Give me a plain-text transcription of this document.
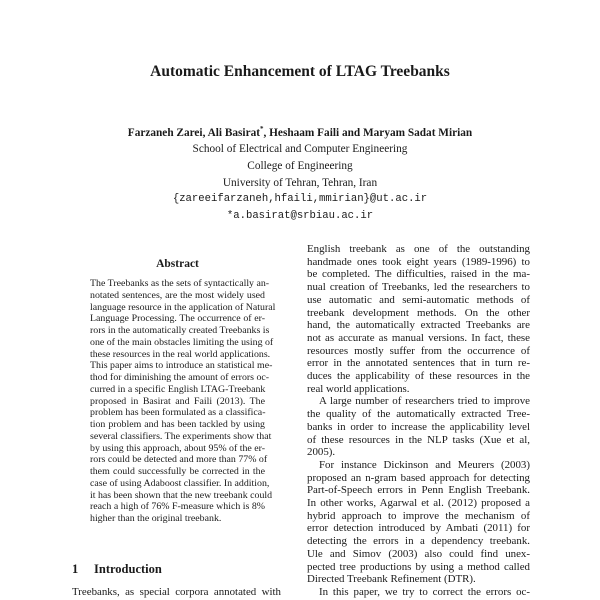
Automatic Enhancement of LTAG Treebanks
Farzaneh Zarei, Ali Basirat*, Heshaam Faili and Maryam Sadat Mirian
School of Electrical and Computer Engineering
College of Engineering
University of Tehran, Tehran, Iran
{zareeifarzaneh,hfaili,mmirian}@ut.ac.ir
*a.basirat@srbiau.ac.ir
Abstract
The Treebanks as the sets of syntactically an-
notated sentences, are the most widely used
language resource in the application of Natural
Language Processing. The occurrence of er-
rors in the automatically created Treebanks is
one of the main obstacles limiting the using of
these resources in the real world applications.
This paper aims to introduce an statistical me-
thod for diminishing the amount of errors oc-
curred in a specific English LTAG-Treebank
proposed in Basirat and Faili (2013). The
problem has been formulated as a classifica-
tion problem and has been tackled by using
several classifiers. The experiments show that
by using this approach, about 95% of the er-
rors could be detected and more than 77% of
them could successfully be corrected in the
case of using Adaboost classifier. In addition,
it has been shown that the new treebank could
reach a high of 76% F-measure which is 8%
higher than the original treebank.
1 Introduction
Treebanks, as special corpora annotated with
English treebank as one of the outstanding
handmade ones took eight years (1989-1996) to
be completed. The difficulties, raised in the ma-
nual creation of Treebanks, led the researchers to
use automatic and semi-automatic methods of
treebank development methods. On the other
hand, the automatically extracted Treebanks are
not as accurate as manual versions. In fact, these
resources mostly suffer from the occurrence of
error in the annotated sentences that in turn re-
duces the applicability of these resources in the
real world applications.
A large number of researchers tried to improve
the quality of the automatically extracted Tree-
banks in order to increase the applicability level
of these resources in the NLP tasks (Xue et al,
2005).
For instance Dickinson and Meurers (2003)
proposed an n-gram based approach for detecting
Part-of-Speech errors in Penn English Treebank.
In other works, Agarwal et al. (2012) proposed a
hybrid approach to improve the mechanism of
error detection introduced by Ambati (2011) for
detecting the errors in a dependency treebank.
Ule and Simov (2003) also could find unex-
pected tree productions by using a method called
Directed Treebank Refinement (DTR).
In this paper, we try to correct the errors oc-
